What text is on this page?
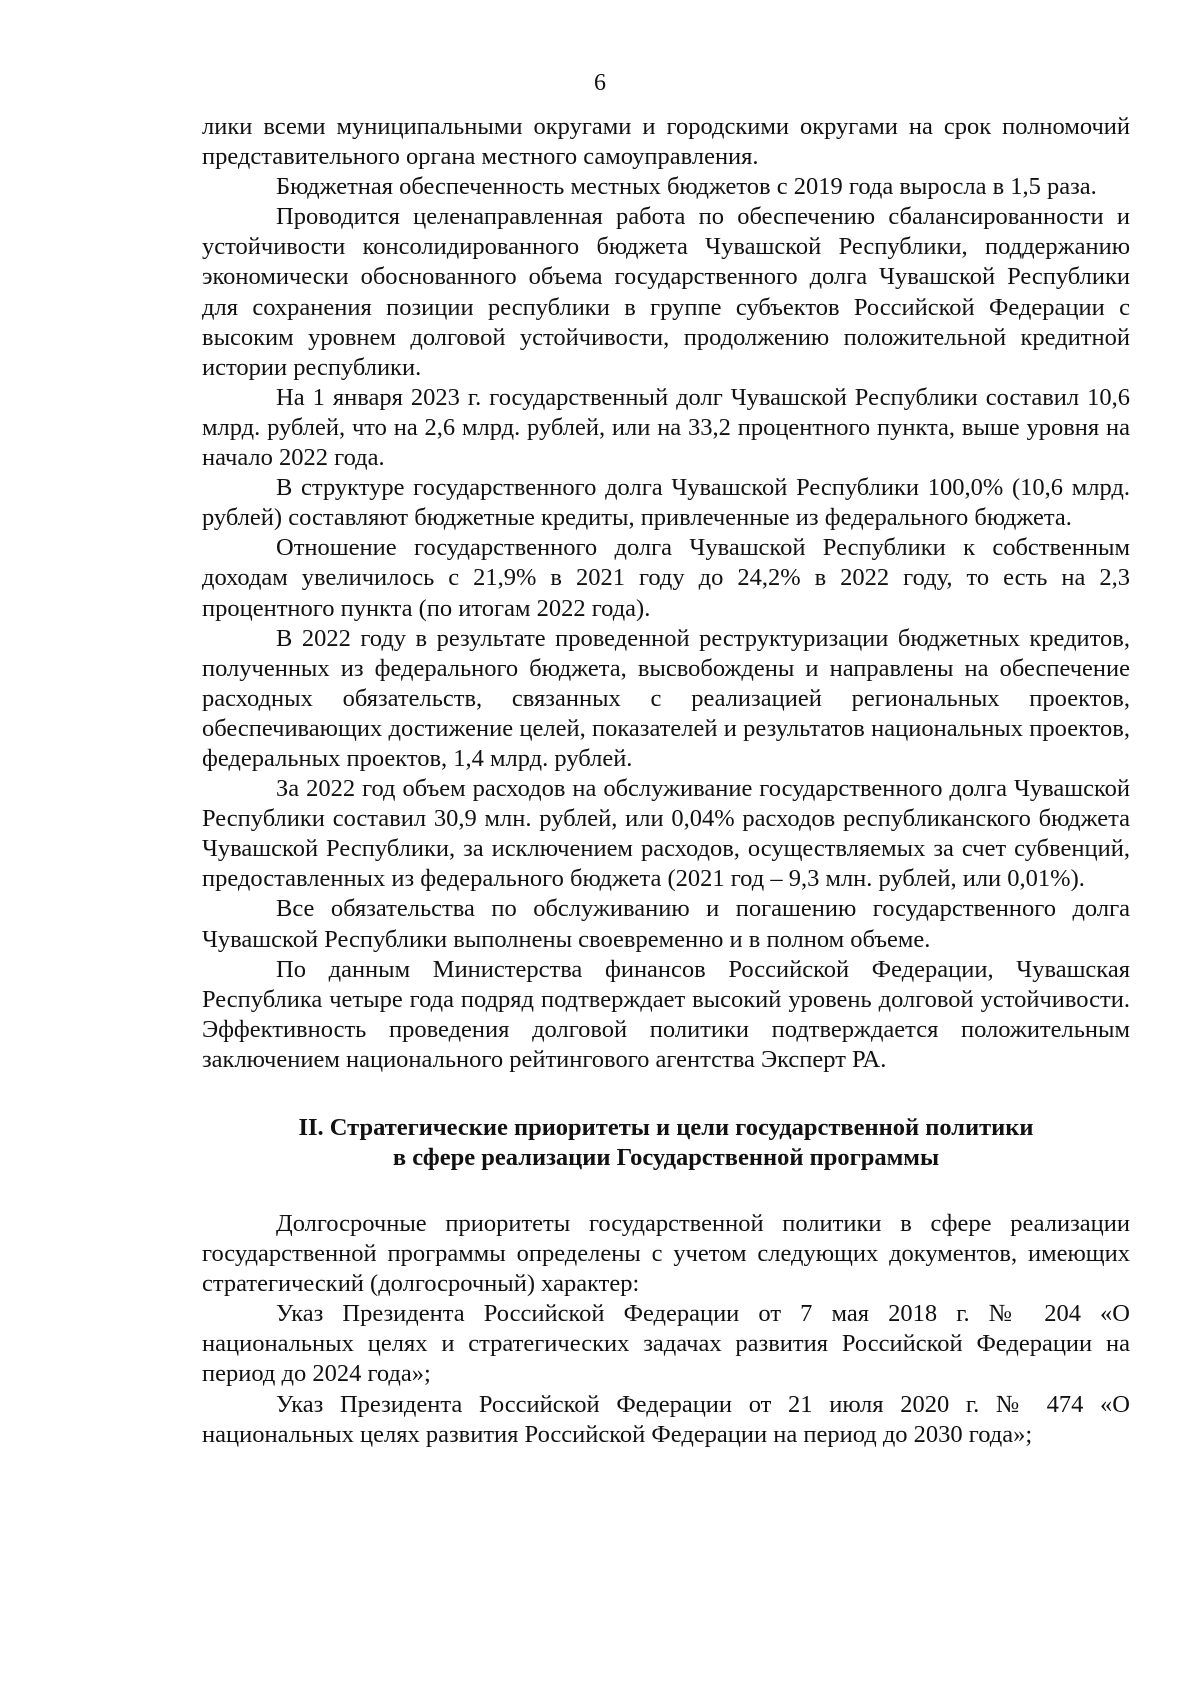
6

лики всеми муниципальными округами и городскими округами на срок полномочий представительного органа местного самоуправления.

Бюджетная обеспеченность местных бюджетов с 2019 года выросла в 1,5 раза.

Проводится целенаправленная работа по обеспечению сбалансированности и устойчивости консолидированного бюджета Чувашской Республики, поддержанию экономически обоснованного объема государственного долга Чувашской Республики для сохранения позиции республики в группе субъектов Российской Федерации с высоким уровнем долговой устойчивости, продолжению положительной кредитной истории республики.

На 1 января 2023 г. государственный долг Чувашской Республики составил 10,6 млрд. рублей, что на 2,6 млрд. рублей, или на 33,2 процентного пункта, выше уровня на начало 2022 года.

В структуре государственного долга Чувашской Республики 100,0% (10,6 млрд. рублей) составляют бюджетные кредиты, привлеченные из федерального бюджета.

Отношение государственного долга Чувашской Республики к собственным доходам увеличилось с 21,9% в 2021 году до 24,2% в 2022 году, то есть на 2,3 процентного пункта (по итогам 2022 года).

В 2022 году в результате проведенной реструктуризации бюджетных кредитов, полученных из федерального бюджета, высвобождены и направлены на обеспечение расходных обязательств, связанных с реализацией региональных проектов, обеспечивающих достижение целей, показателей и результатов национальных проектов, федеральных проектов, 1,4 млрд. рублей.

За 2022 год объем расходов на обслуживание государственного долга Чувашской Республики составил 30,9 млн. рублей, или 0,04% расходов республиканского бюджета Чувашской Республики, за исключением расходов, осуществляемых за счет субвенций, предоставленных из федерального бюджета (2021 год – 9,3 млн. рублей, или 0,01%).

Все обязательства по обслуживанию и погашению государственного долга Чувашской Республики выполнены своевременно и в полном объеме.

По данным Министерства финансов Российской Федерации, Чувашская Республика четыре года подряд подтверждает высокий уровень долговой устойчивости. Эффективность проведения долговой политики подтверждается положительным заключением национального рейтингового агентства Эксперт РА.

II. Стратегические приоритеты и цели государственной политики
в сфере реализации Государственной программы

Долгосрочные приоритеты государственной политики в сфере реализации государственной программы определены с учетом следующих документов, имеющих стратегический (долгосрочный) характер:

Указ Президента Российской Федерации от 7 мая 2018 г. № 204 «О национальных целях и стратегических задачах развития Российской Федерации на период до 2024 года»;

Указ Президента Российской Федерации от 21 июля 2020 г. № 474 «О национальных целях развития Российской Федерации на период до 2030 года»;
